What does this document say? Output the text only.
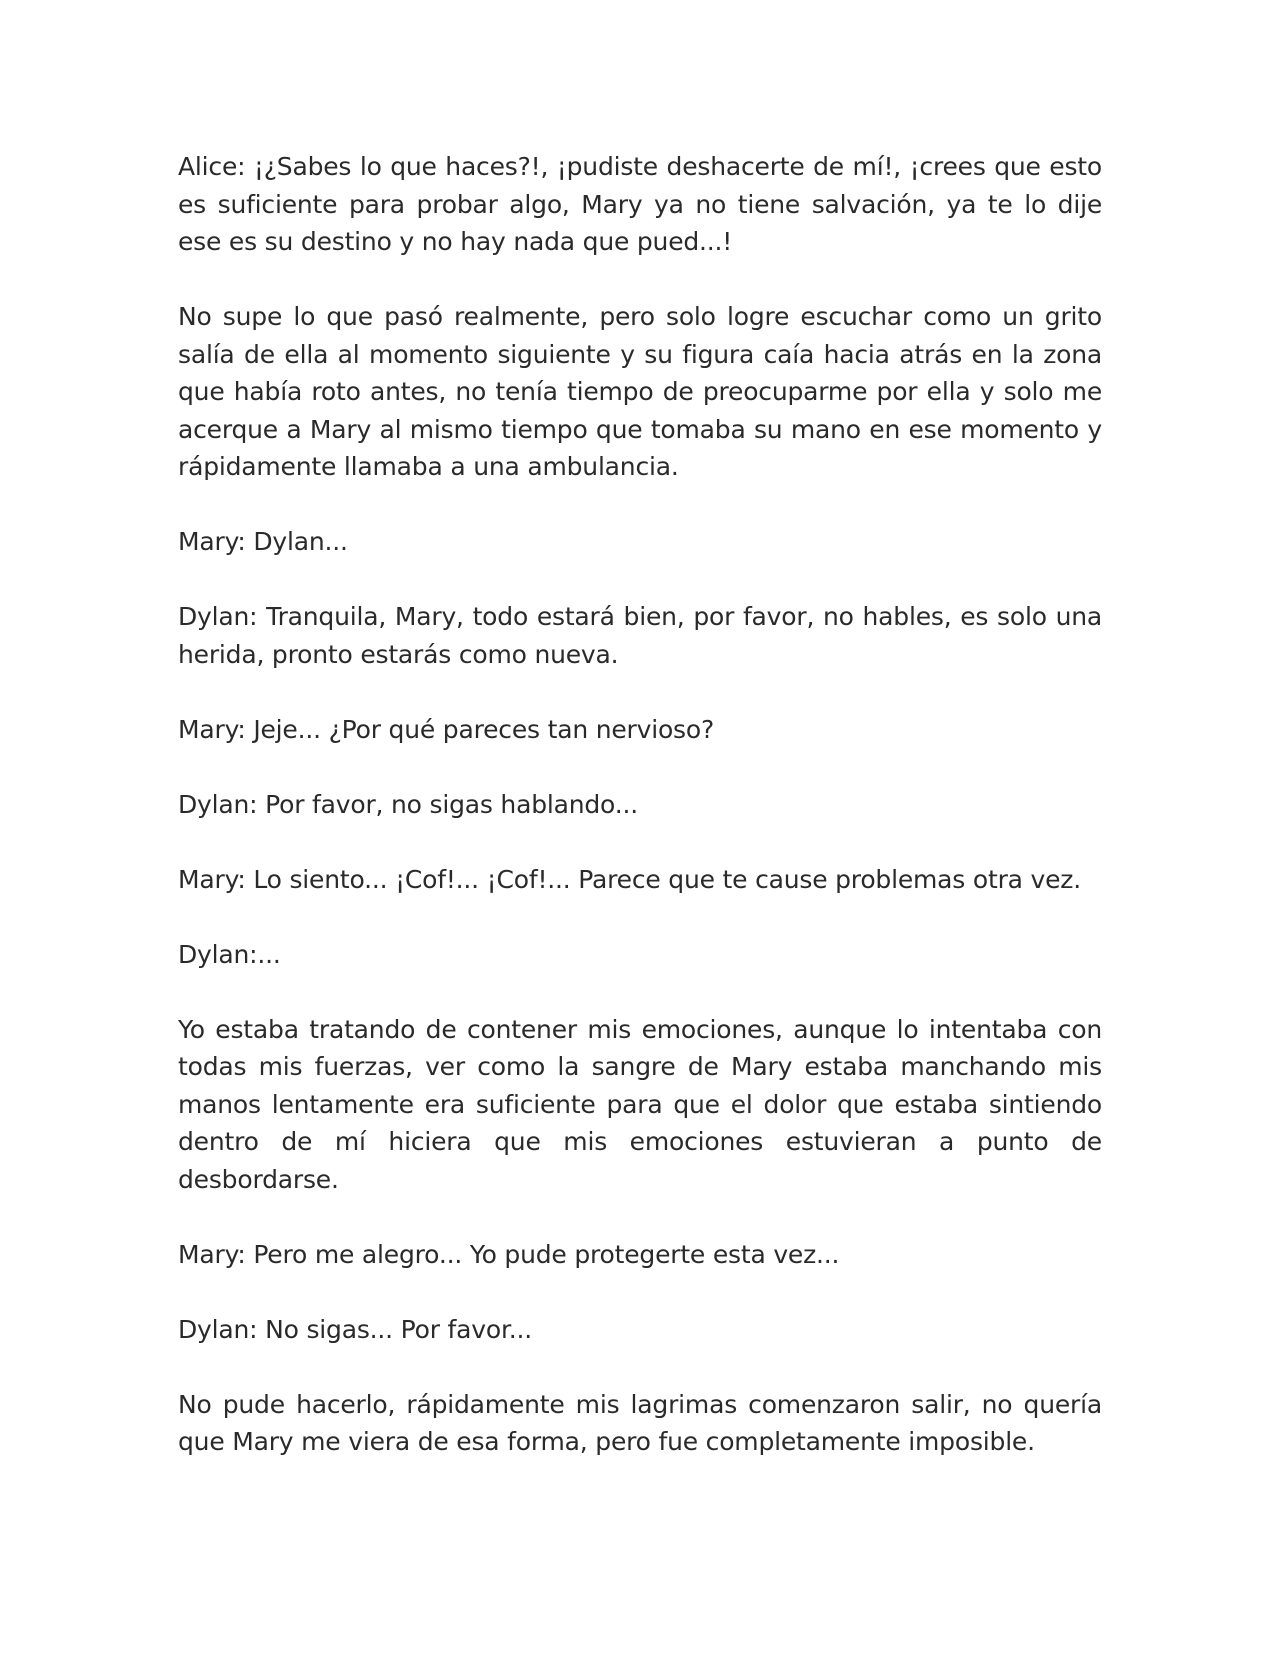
Alice: ¡¿Sabes lo que haces?!, ¡pudiste deshacerte de mí!, ¡crees que esto es suficiente para probar algo, Mary ya no tiene salvación, ya te lo dije ese es su destino y no hay nada que pued...!

No supe lo que pasó realmente, pero solo logre escuchar como un grito salía de ella al momento siguiente y su figura caía hacia atrás en la zona que había roto antes, no tenía tiempo de preocuparme por ella y solo me acerque a Mary al mismo tiempo que tomaba su mano en ese momento y rápidamente llamaba a una ambulancia.

Mary: Dylan...

Dylan: Tranquila, Mary, todo estará bien, por favor, no hables, es solo una herida, pronto estarás como nueva.

Mary: Jeje... ¿Por qué pareces tan nervioso?

Dylan: Por favor, no sigas hablando...

Mary: Lo siento... ¡Cof!... ¡Cof!... Parece que te cause problemas otra vez.

Dylan:...

Yo estaba tratando de contener mis emociones, aunque lo intentaba con todas mis fuerzas, ver como la sangre de Mary estaba manchando mis manos lentamente era suficiente para que el dolor que estaba sintiendo dentro de mí hiciera que mis emociones estuvieran a punto de desbordarse.

Mary: Pero me alegro... Yo pude protegerte esta vez...

Dylan: No sigas... Por favor...

No pude hacerlo, rápidamente mis lagrimas comenzaron salir, no quería que Mary me viera de esa forma, pero fue completamente imposible.
